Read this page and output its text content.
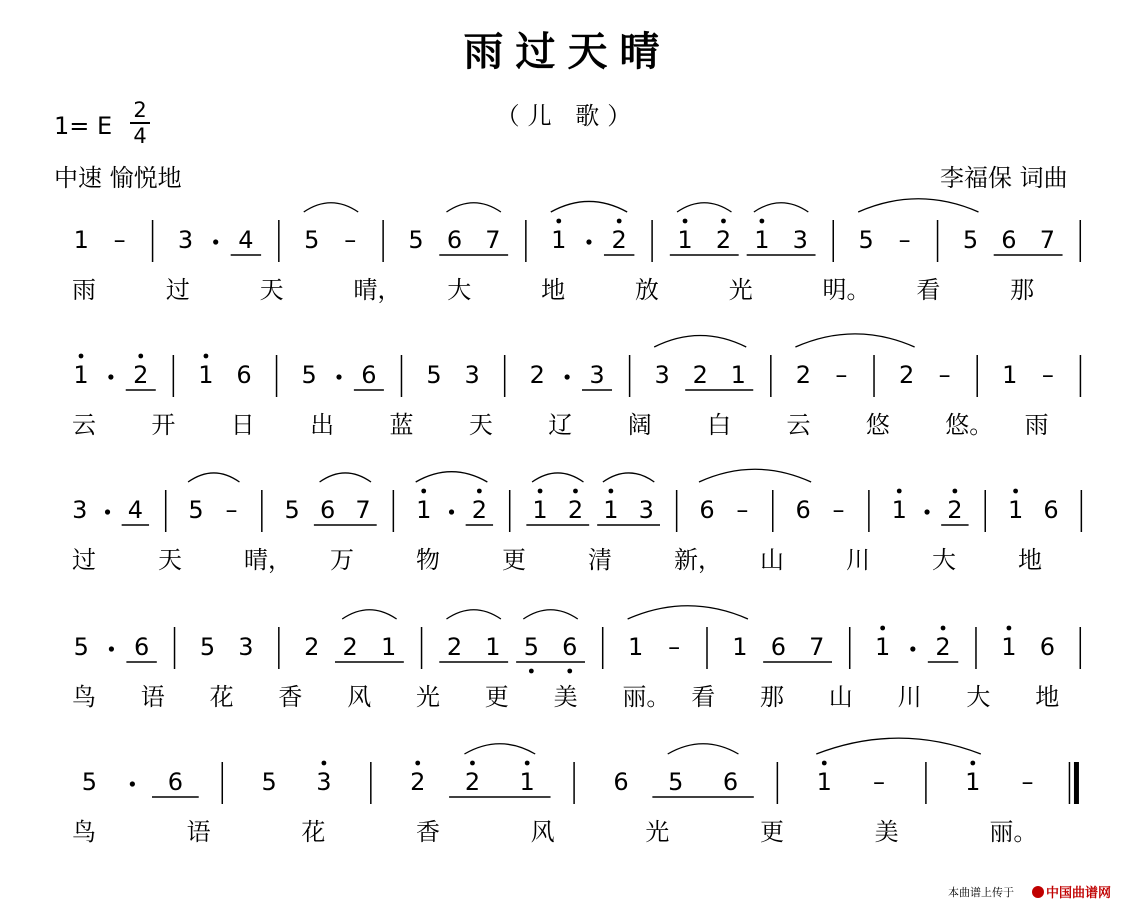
雨过天晴
（儿 歌）
1= E
2
4
中速 愉悦地	李福保 词曲
1 – 3 4 5 – 5 6 7 1 2 1 2 1 3 5 – 5 6 7
雨	过	天	晴， 大	地	放	光	明。 看	那
1 2 1 6 5 6 5 3 2 3 3 2 1 2 – 2 – 1 –
云 开 日 出 蓝 天 辽 阔 白 云 悠 悠。 雨
3 4 5 – 5 6 7 1 2 1 2 1 3 6 – 6 – 1 2 1 6
过	天	晴， 万	物	更	清	新， 山	川	大	地
5 6 5 3 2 2 1 2 1 5 6 1 – 1 6 7 1 2 1 6
鸟 语 花 香 风 光 更 美 丽。 看 那 山 川 大 地
5	6	5 3	2 2 1	6 5 6	1 –	1 –
鸟	语	花	香	风	光	更	美	丽。
本曲谱上传于	中国曲谱网
